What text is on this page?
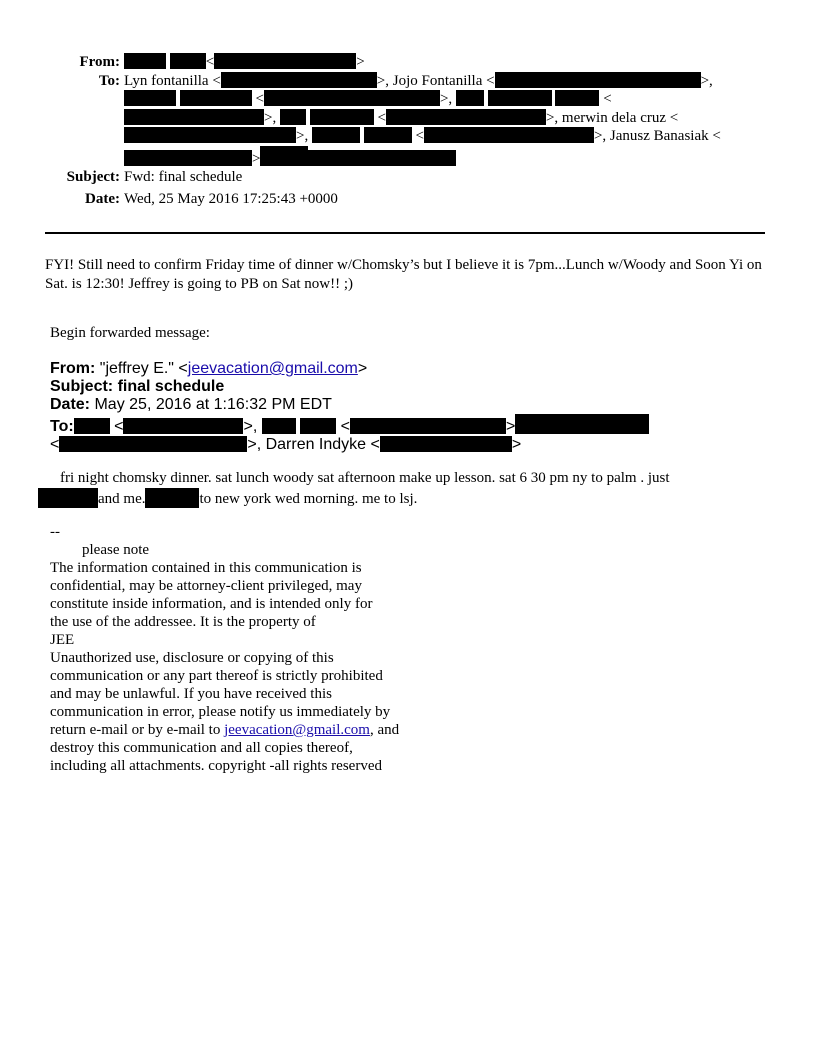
From:	<	>
To: Lyn fontanilla <	>, Jojo Fontanilla <	>,   <	>,	<>,	<	>, merwin dela cruz <>,	<	>, Janusz Banasiak <>
Subject: Fwd: final schedule
Date: Wed, 25 May 2016 17:25:43 +0000
FYI! Still need to confirm Friday time of dinner w/Chomsky’s but I believe it is 7pm...Lunch w/Woody and Soon Yi on Sat. is 12:30! Jeffrey is going to PB on Sat now!! ;)
Begin forwarded message:
From: "jeffrey E." <jeevacation@gmail.com>
Subject: final schedule
Date: May 25, 2016 at 1:16:32 PM EDT
To: <	>,	<	>
<	>, Darren Indyke <	>
fri night chomsky dinner. sat lunch woody sat afternoon make up lesson. sat 6 30 pm ny to palm . just
and me.	to new york wed morning. me to lsj.
--
please note
The information contained in this communication is
confidential, may be attorney-client privileged, may
constitute inside information, and is intended only for
the use of the addressee. It is the property of
JEE
Unauthorized use, disclosure or copying of this
communication or any part thereof is strictly prohibited
and may be unlawful. If you have received this
communication in error, please notify us immediately by
return e-mail or by e-mail to jeevacation@gmail.com, and
destroy this communication and all copies thereof,
including all attachments. copyright -all rights reserved
